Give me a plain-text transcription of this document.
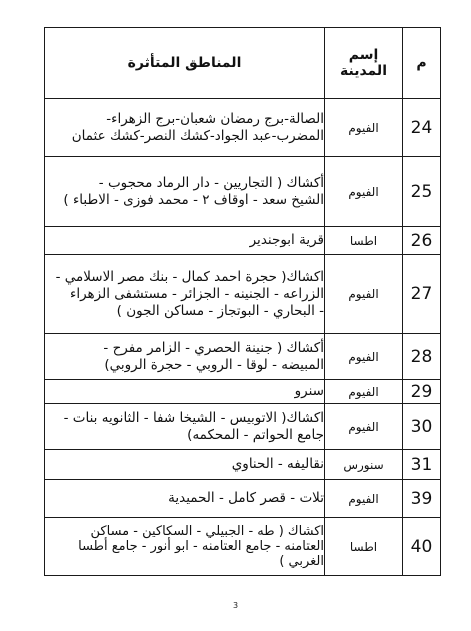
م	إسم المدينة	المناطق المتأثرة
24	الفيوم	الصالة-برج رمضان شعبان-برج الزهراء-
المضرب-عبد الجواد-كشك النصر-كشك عثمان

25	الفيوم	أكشاك ( التجاريين - دار الرماد محجوب -
الشيخ سعد - اوقاف ٢ - محمد فوزى - الاطباء )

26	اطسا	قرية ابوجندير

27	الفيوم	اكشاك( حجرة احمد كمال - بنك مصر الاسلامي -
الزراعه - الجنينه - الجزائر - مستشفى الزهراء
- البحاري - البوتجاز - مساكن الجون )

28	الفيوم	أكشاك ( جنينة الحصري - الزامر مفرح -
المبيضه - لوقا - الروبي - حجرة الروبي)

29	الفيوم	سنرو

30	الفيوم	اكشاك( الاتوبيس - الشيخا شفا - الثانويه بنات -
جامع الحواتم - المحكمه)

31	سنورس	نقاليفه - الحناوي

39	الفيوم	تلات - قصر كامل - الحميدية

40	اطسا	اكشاك ( طه - الجبيلي - السكاكين - مساكن
العتامنه - جامع العتامنه - ابو أنور - جامع أطسا
الغربي )
3
